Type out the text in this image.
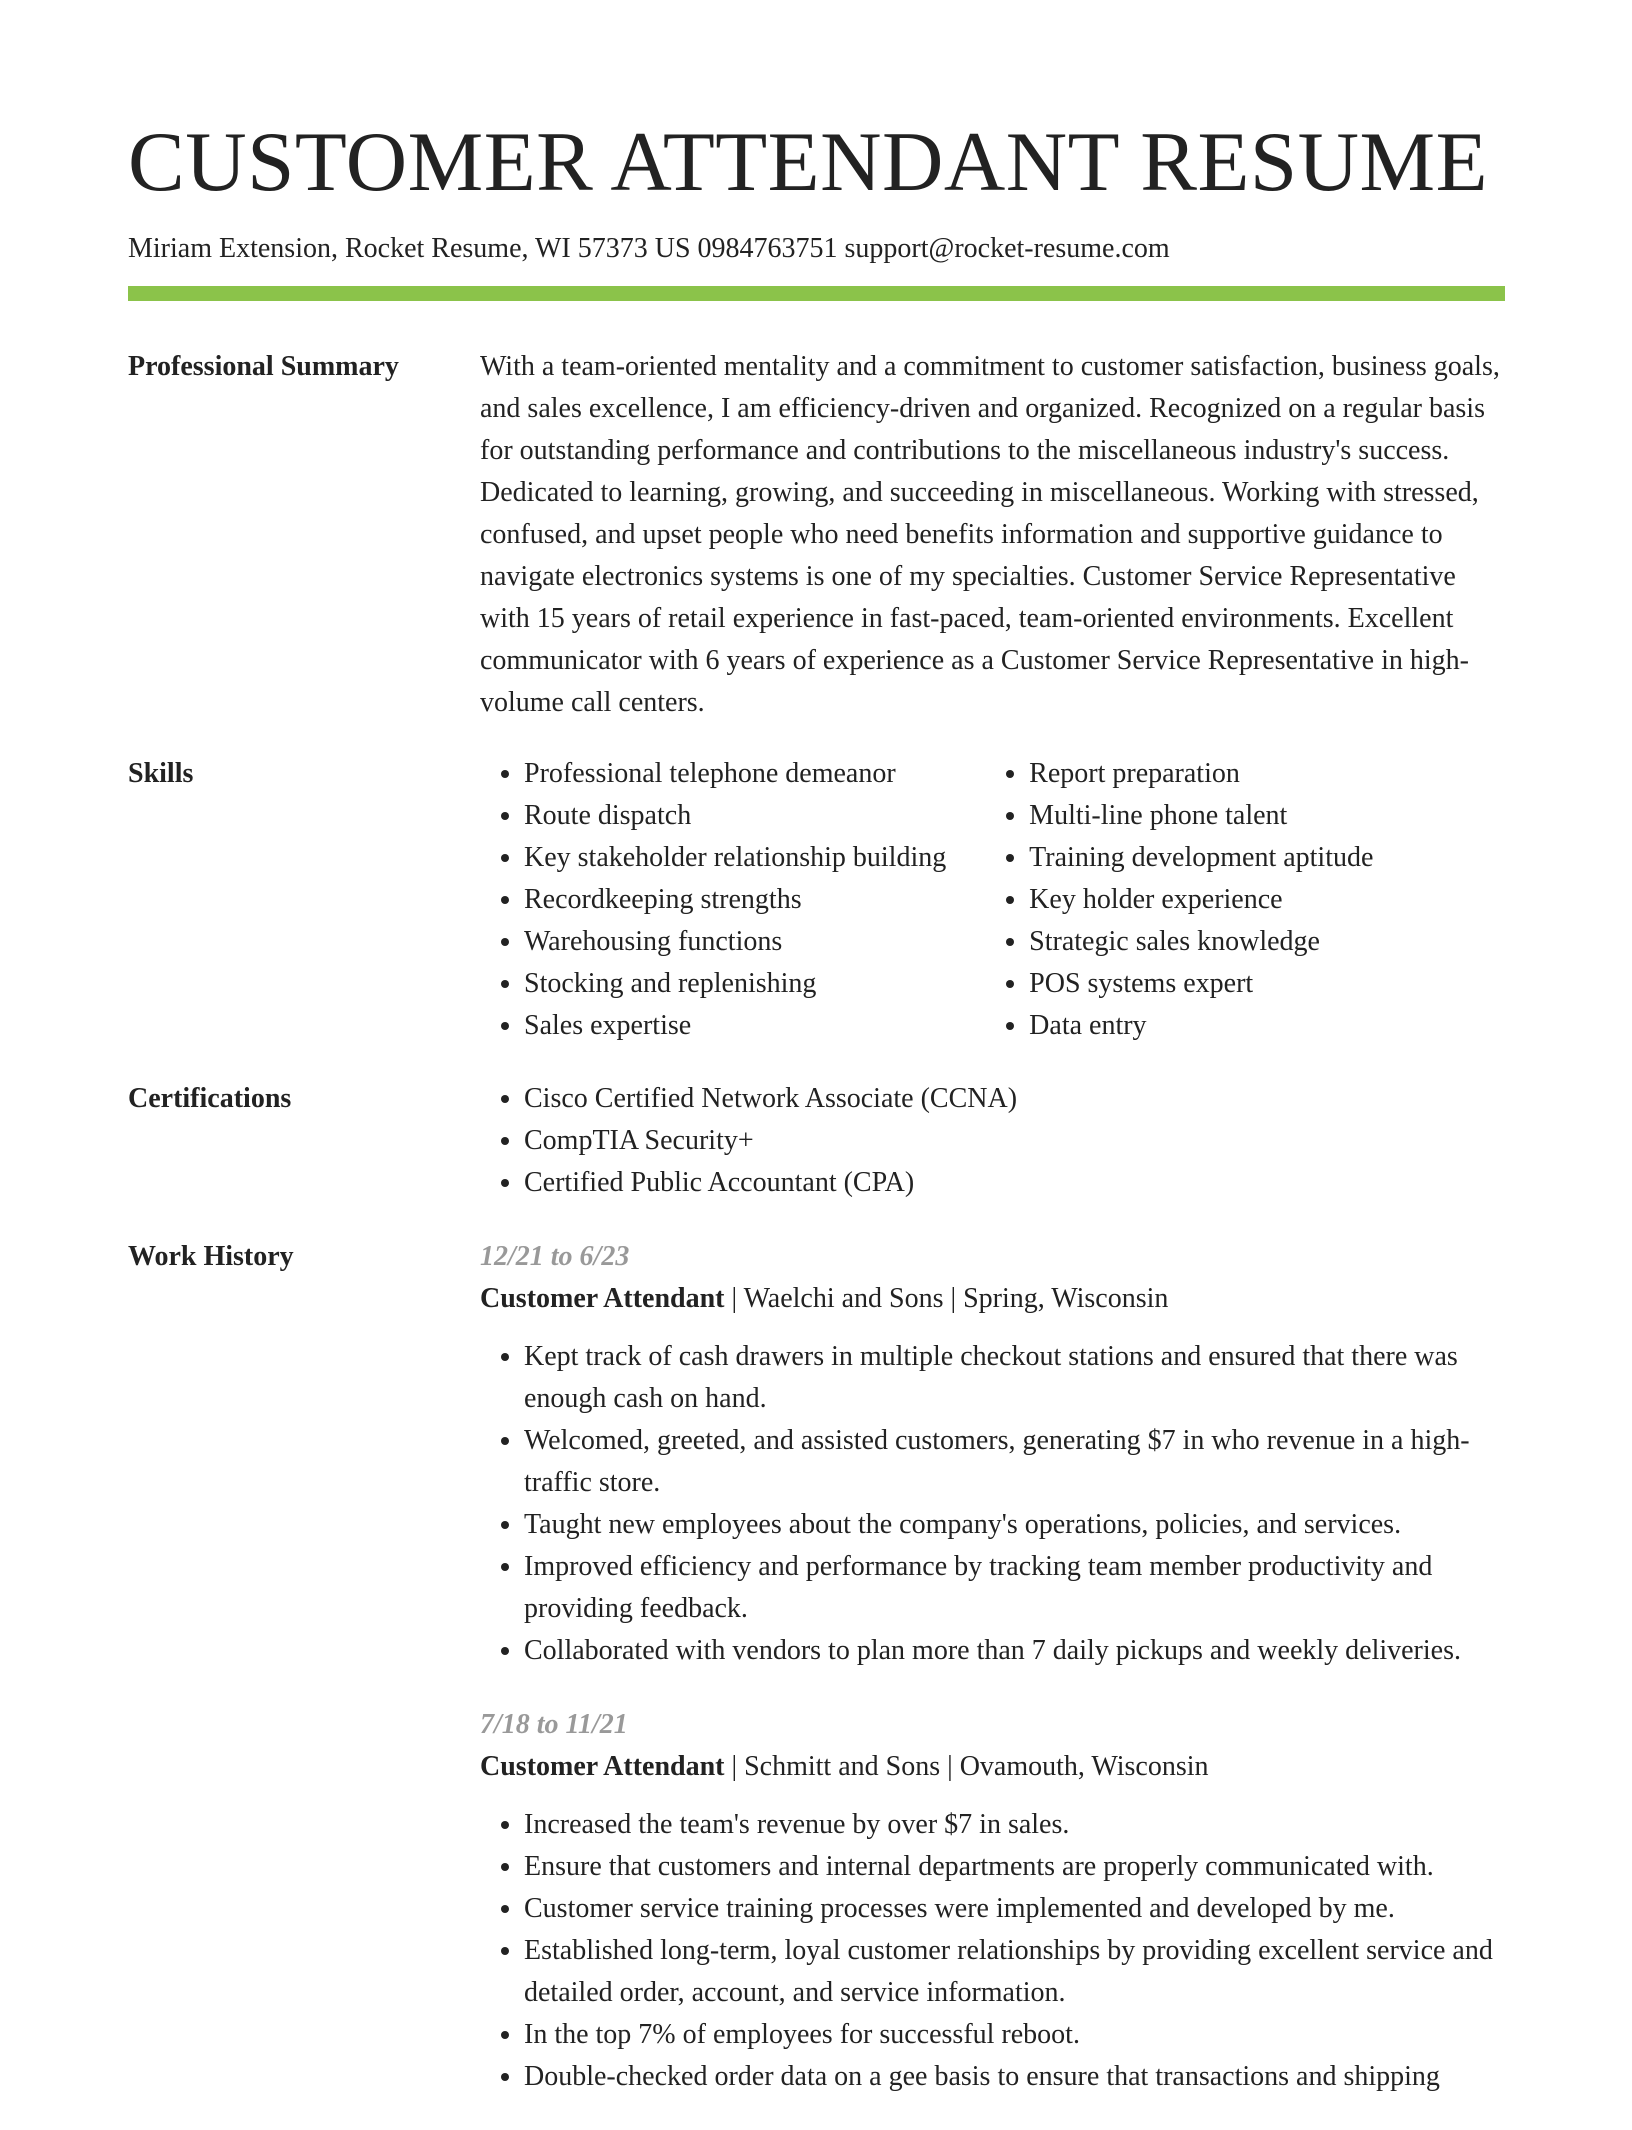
CUSTOMER ATTENDANT RESUME
Miriam Extension, Rocket Resume, WI 57373 US 0984763751 support@rocket-resume.com
Professional Summary	With a team-oriented mentality and a commitment to customer satisfaction, business goals, and sales excellence, I am efficiency-driven and organized. Recognized on a regular basis for outstanding performance and contributions to the miscellaneous industry's success. Dedicated to learning, growing, and succeeding in miscellaneous. Working with stressed, confused, and upset people who need benefits information and supportive guidance to navigate electronics systems is one of my specialties. Customer Service Representative with 15 years of retail experience in fast-paced, team-oriented environments. Excellent communicator with 6 years of experience as a Customer Service Representative in high-volume call centers.

Skills	• Professional telephone demeanor
• Route dispatch
• Key stakeholder relationship building
• Recordkeeping strengths
• Warehousing functions
• Stocking and replenishing
• Sales expertise
• Report preparation
• Multi-line phone talent
• Training development aptitude
• Key holder experience
• Strategic sales knowledge
• POS systems expert
• Data entry
Certifications	• Cisco Certified Network Associate (CCNA)
• CompTIA Security+
• Certified Public Accountant (CPA)
Work History	12/21 to 6/23
Customer Attendant | Waelchi and Sons | Spring, Wisconsin
• Kept track of cash drawers in multiple checkout stations and ensured that there was enough cash on hand.
• Welcomed, greeted, and assisted customers, generating $7 in who revenue in a high-traffic store.
• Taught new employees about the company's operations, policies, and services.
• Improved efficiency and performance by tracking team member productivity and providing feedback.
• Collaborated with vendors to plan more than 7 daily pickups and weekly deliveries.
7/18 to 11/21
Customer Attendant | Schmitt and Sons | Ovamouth, Wisconsin
• Increased the team's revenue by over $7 in sales.
• Ensure that customers and internal departments are properly communicated with.
• Customer service training processes were implemented and developed by me.
• Established long-term, loyal customer relationships by providing excellent service and detailed order, account, and service information.
• In the top 7% of employees for successful reboot.
• Double-checked order data on a gee basis to ensure that transactions and shipping
